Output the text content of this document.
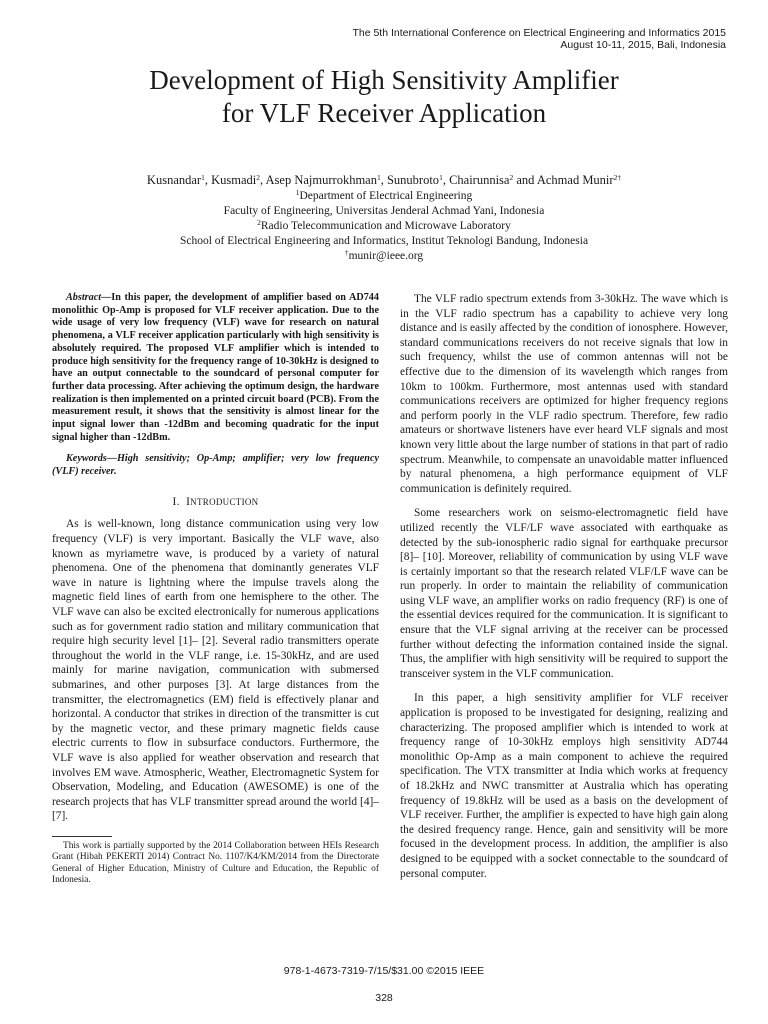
The 5th International Conference on Electrical Engineering and Informatics 2015
August 10-11, 2015, Bali, Indonesia
Development of High Sensitivity Amplifier
for VLF Receiver Application
Kusnandar$^1$, Kusmadi$^2$, Asep Najmurrokhman$^1$, Sunubroto$^1$, Chairunnisa$^2$ and Achmad Munir$^{2\dagger}$
$^1$Department of Electrical Engineering
Faculty of Engineering, Universitas Jenderal Achmad Yani, Indonesia
$^2$Radio Telecommunication and Microwave Laboratory
School of Electrical Engineering and Informatics, Institut Teknologi Bandung, Indonesia
†munir@ieee.org

Abstract—In this paper, the development of amplifier based on AD744 monolithic Op-Amp is proposed for VLF receiver application. Due to the wide usage of very low frequency (VLF) wave for research on natural phenomena, a VLF receiver application particularly with high sensitivity is absolutely required. The proposed VLF amplifier which is intended to produce high sensitivity for the frequency range of 10-30kHz is designed to have an output connectable to the soundcard of personal computer for further data processing. After achieving the optimum design, the hardware realization is then implemented on a printed circuit board (PCB). From the measurement result, it shows that the sensitivity is almost linear for the input signal lower than -12dBm and becoming quadratic for the input signal higher than -12dBm.

Keywords—High sensitivity; Op-Amp; amplifier; very low frequency (VLF) receiver.

I. INTRODUCTION

As is well-known, long distance communication using very low frequency (VLF) is very important. Basically the VLF wave, also known as myriametre wave, is produced by a variety of natural phenomena. One of the phenomena that dominantly generates VLF wave in nature is lightning where the impulse travels along the magnetic field lines of earth from one hemisphere to the other. The VLF wave can also be excited electronically for numerous applications such as for government radio station and military communication that require high security level [1]– [2]. Several radio transmitters operate throughout the world in the VLF range, i.e. 15-30kHz, and are used mainly for marine navigation, communication with submersed submarines, and other purposes [3]. At large distances from the transmitter, the electromagnetics (EM) field is effectively planar and horizontal. A conductor that strikes in direction of the transmitter is cut by the magnetic vector, and these primary magnetic fields cause electric currents to flow in subsurface conductors. Furthermore, the VLF wave is also applied for weather observation and research that involves EM wave. Atmospheric, Weather, Electromagnetic System for Observation, Modeling, and Education (AWESOME) is one of the research projects that has VLF transmitter spread around the world [4]– [7].

This work is partially supported by the 2014 Collaboration between HEIs Research Grant (Hibah PEKERTI 2014) Contract No. 1107/K4/KM/2014 from the Directorate General of Higher Education, Ministry of Culture and Education, the Republic of Indonesia.

The VLF radio spectrum extends from 3-30kHz. The wave which is in the VLF radio spectrum has a capability to achieve very long distance and is easily affected by the condition of ionosphere. However, standard communications receivers do not receive signals that low in such frequency, whilst the use of common antennas will not be effective due to the dimension of its wavelength which ranges from 10km to 100km. Furthermore, most antennas used with standard communications receivers are optimized for higher frequency regions and perform poorly in the VLF radio spectrum. Therefore, few radio amateurs or shortwave listeners have ever heard VLF signals and most known very little about the large number of stations in that part of radio spectrum. Meanwhile, to compensate an unavoidable matter influenced by natural phenomena, a high performance equipment of VLF communication is definitely required.

Some researchers work on seismo-electromagnetic field have utilized recently the VLF/LF wave associated with earthquake as detected by the sub-ionospheric radio signal for earthquake precursor [8]– [10]. Moreover, reliability of communication by using VLF wave is certainly important so that the research related VLF/LF wave can be run properly. In order to maintain the reliability of communication using VLF wave, an amplifier works on radio frequency (RF) is one of the essential devices required for the communication. It is significant to ensure that the VLF signal arriving at the receiver can be processed further without defecting the information contained inside the signal. Thus, the amplifier with high sensitivity will be required to support the transceiver system in the VLF communication.

In this paper, a high sensitivity amplifier for VLF receiver application is proposed to be investigated for designing, realizing and characterizing. The proposed amplifier which is intended to work at frequency range of 10-30kHz employs high sensitivity AD744 monolithic Op-Amp as a main component to achieve the required specification. The VTX transmitter at India which works at frequency of 18.2kHz and NWC transmitter at Australia which has operating frequency of 19.8kHz will be used as a basis on the development of VLF receiver. Further, the amplifier is expected to have high gain along the desired frequency range. Hence, gain and sensitivity will be more focused in the development process. In addition, the amplifier is also designed to be equipped with a socket connectable to the soundcard of personal computer.

978-1-4673-7319-7/15/$31.00 ©2015 IEEE
328
